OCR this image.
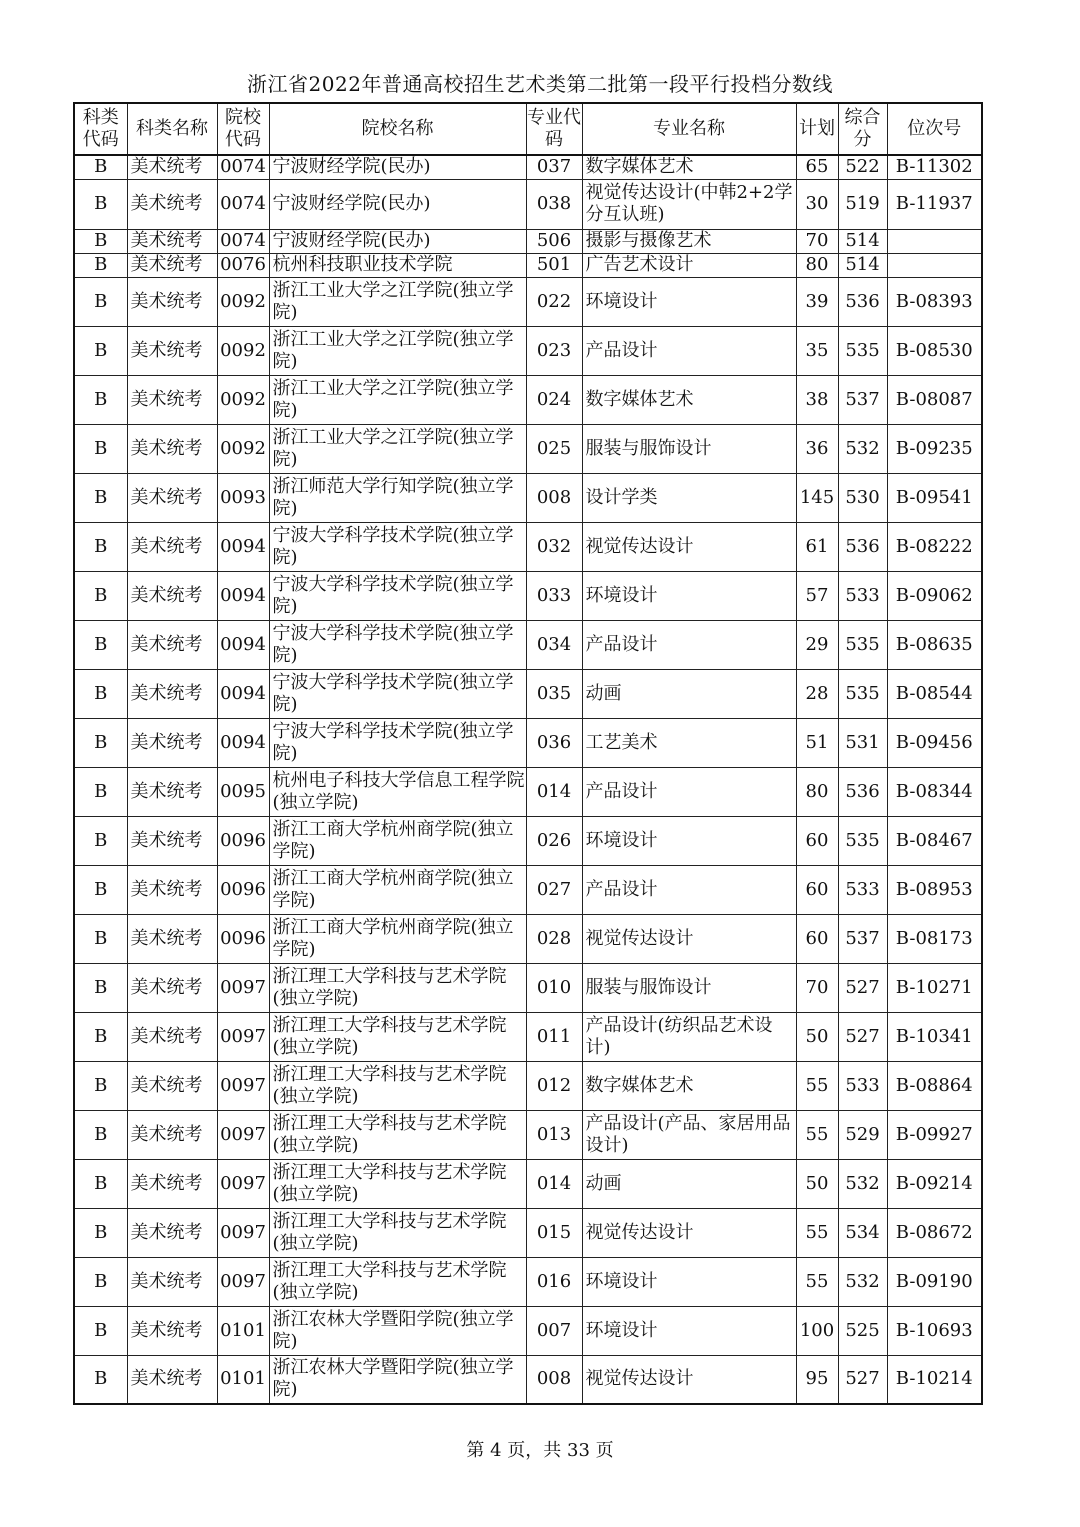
浙江省2022年普通高校招生艺术类第二批第一段平行投档分数线
科类代码	科类名称	院校代码	院校名称	专业代码	专业名称	计划	综合分	位次号
B	美术统考	0074	宁波财经学院(民办)	037	数字媒体艺术	65	522	B-11302
B	美术统考	0074	宁波财经学院(民办)	038	视觉传达设计(中韩2+2学分互认班)	30	519	B-11937
B	美术统考	0074	宁波财经学院(民办)	506	摄影与摄像艺术	70	514	
B	美术统考	0076	杭州科技职业技术学院	501	广告艺术设计	80	514	
B	美术统考	0092	浙江工业大学之江学院(独立学院)	022	环境设计	39	536	B-08393
B	美术统考	0092	浙江工业大学之江学院(独立学院)	023	产品设计	35	535	B-08530
B	美术统考	0092	浙江工业大学之江学院(独立学院)	024	数字媒体艺术	38	537	B-08087
B	美术统考	0092	浙江工业大学之江学院(独立学院)	025	服装与服饰设计	36	532	B-09235
B	美术统考	0093	浙江师范大学行知学院(独立学院)	008	设计学类	145	530	B-09541
B	美术统考	0094	宁波大学科学技术学院(独立学院)	032	视觉传达设计	61	536	B-08222
B	美术统考	0094	宁波大学科学技术学院(独立学院)	033	环境设计	57	533	B-09062
B	美术统考	0094	宁波大学科学技术学院(独立学院)	034	产品设计	29	535	B-08635
B	美术统考	0094	宁波大学科学技术学院(独立学院)	035	动画	28	535	B-08544
B	美术统考	0094	宁波大学科学技术学院(独立学院)	036	工艺美术	51	531	B-09456
B	美术统考	0095	杭州电子科技大学信息工程学院(独立学院)	014	产品设计	80	536	B-08344
B	美术统考	0096	浙江工商大学杭州商学院(独立学院)	026	环境设计	60	535	B-08467
B	美术统考	0096	浙江工商大学杭州商学院(独立学院)	027	产品设计	60	533	B-08953
B	美术统考	0096	浙江工商大学杭州商学院(独立学院)	028	视觉传达设计	60	537	B-08173
B	美术统考	0097	浙江理工大学科技与艺术学院(独立学院)	010	服装与服饰设计	70	527	B-10271
B	美术统考	0097	浙江理工大学科技与艺术学院(独立学院)	011	产品设计(纺织品艺术设计)	50	527	B-10341
B	美术统考	0097	浙江理工大学科技与艺术学院(独立学院)	012	数字媒体艺术	55	533	B-08864
B	美术统考	0097	浙江理工大学科技与艺术学院(独立学院)	013	产品设计(产品、家居用品设计)	55	529	B-09927
B	美术统考	0097	浙江理工大学科技与艺术学院(独立学院)	014	动画	50	532	B-09214
B	美术统考	0097	浙江理工大学科技与艺术学院(独立学院)	015	视觉传达设计	55	534	B-08672
B	美术统考	0097	浙江理工大学科技与艺术学院(独立学院)	016	环境设计	55	532	B-09190
B	美术统考	0101	浙江农林大学暨阳学院(独立学院)	007	环境设计	100	525	B-10693
B	美术统考	0101	浙江农林大学暨阳学院(独立学院)	008	视觉传达设计	95	527	B-10214
第 4 页，共 33 页
